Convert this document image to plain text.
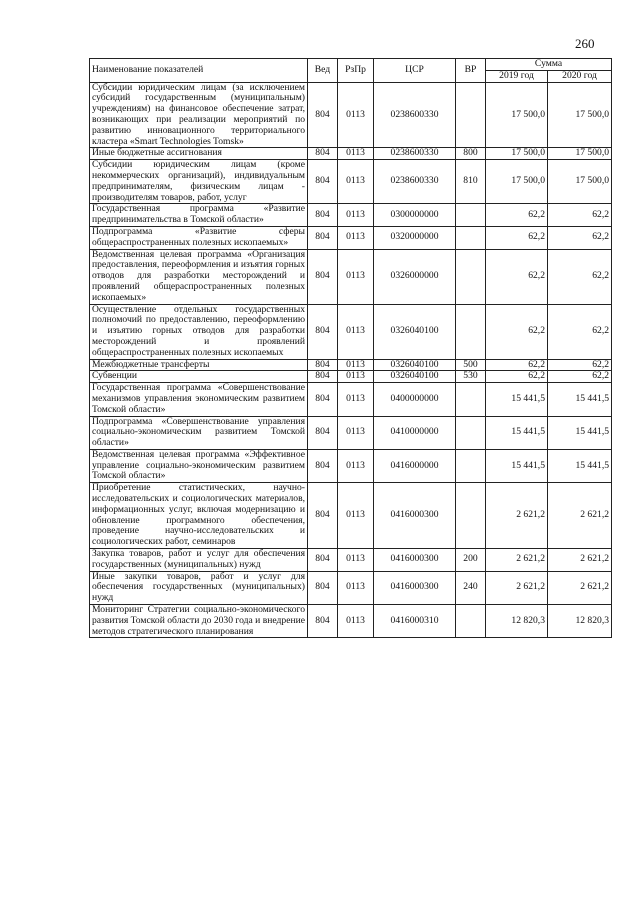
260
Наименование показателей	Вед	РзПр	ЦСР	ВР	Сумма	
					2019 год	2020 год
Субсидии юридическим лицам (за исключением субсидий государственным (муниципальным) учреждениям) на финансовое обеспечение затрат, возникающих при реализации мероприятий по развитию инновационного территориального кластера «Smart Technologies Tomsk»	804	0113	0238600330		17 500,0	17 500,0
Иные бюджетные ассигнования	804	0113	0238600330	800	17 500,0	17 500,0
Субсидии юридическим лицам (кроме некоммерческих организаций), индивидуальным предпринимателям, физическим лицам - производителям товаров, работ, услуг	804	0113	0238600330	810	17 500,0	17 500,0
Государственная программа «Развитие предпринимательства в Томской области»	804	0113	0300000000		62,2	62,2
Подпрограмма «Развитие сферы общераспространенных полезных ископаемых»	804	0113	0320000000		62,2	62,2
Ведомственная целевая программа «Организация предоставления, переоформления и изъятия горных отводов для разработки месторождений и проявлений общераспространенных полезных ископаемых»	804	0113	0326000000		62,2	62,2
Осуществление отдельных государственных полномочий по предоставлению, переоформлению и изъятию горных отводов для разработки месторождений и проявлений общераспространенных полезных ископаемых	804	0113	0326040100		62,2	62,2
Межбюджетные трансферты	804	0113	0326040100	500	62,2	62,2
Субвенции	804	0113	0326040100	530	62,2	62,2
Государственная программа «Совершенствование механизмов управления экономическим развитием Томской области»	804	0113	0400000000		15 441,5	15 441,5
Подпрограмма «Совершенствование управления социально-экономическим развитием Томской области»	804	0113	0410000000		15 441,5	15 441,5
Ведомственная целевая программа «Эффективное управление социально-экономическим развитием Томской области»	804	0113	0416000000		15 441,5	15 441,5
Приобретение статистических, научно-исследовательских и социологических материалов, информационных услуг, включая модернизацию и обновление программного обеспечения, проведение научно-исследовательских и социологических работ, семинаров	804	0113	0416000300		2 621,2	2 621,2
Закупка товаров, работ и услуг для обеспечения государственных (муниципальных) нужд	804	0113	0416000300	200	2 621,2	2 621,2
Иные закупки товаров, работ и услуг для обеспечения государственных (муниципальных) нужд	804	0113	0416000300	240	2 621,2	2 621,2
Мониторинг Стратегии социально-экономического развития Томской области до 2030 года и внедрение методов стратегического планирования	804	0113	0416000310		12 820,3	12 820,3
